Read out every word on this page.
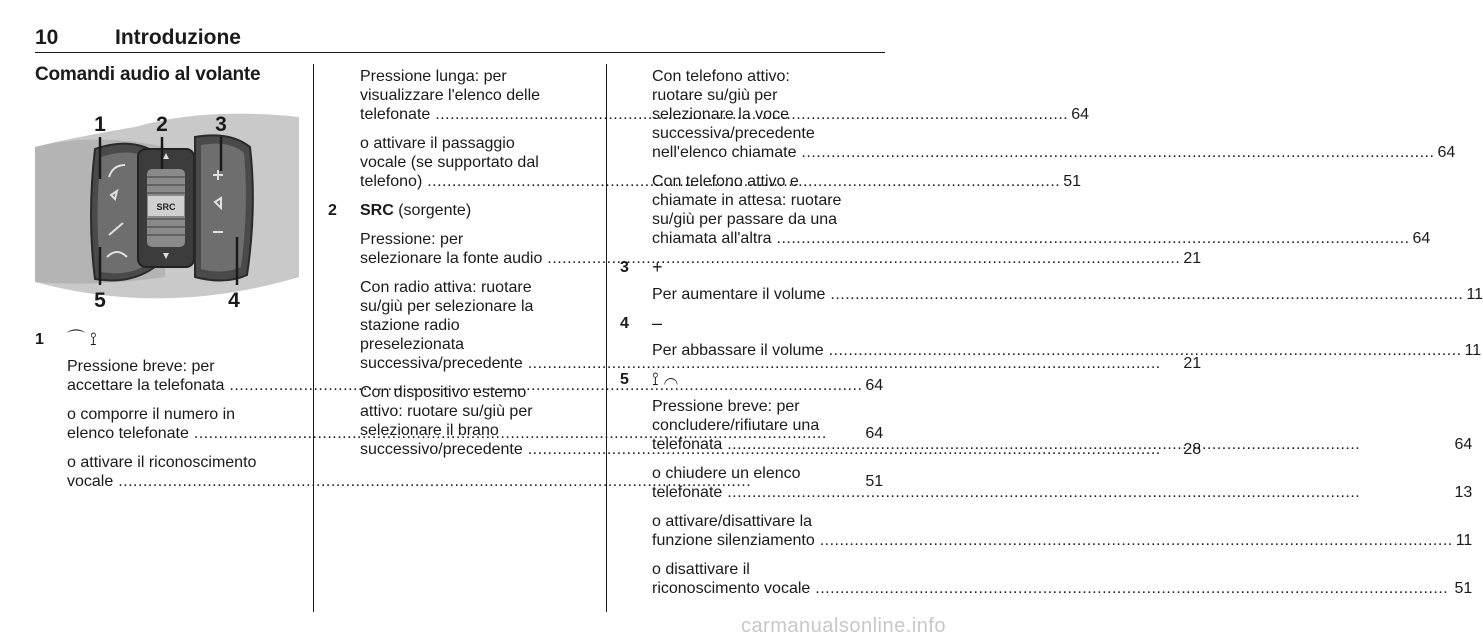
10	Introduzione
Comandi audio al volante
SRC
1 2 3
4
5
1	⌒ ⟟

Pressione breve: per

accettare la telefonata .....	64

o comporre il numero in

elenco telefonate .....	64

o attivare il riconoscimento

vocale .....	51

Pressione lunga: per

visualizzare l'elenco delle

telefonate .....	64

o attivare il passaggio

vocale (se supportato dal

telefono) .....	51
2	SRC (sorgente)

Pressione: per

selezionare la fonte audio .....	21

Con radio attiva: ruotare

su/giù per selezionare la

stazione radio

preselezionata

successiva/precedente .....	21

Con dispositivo esterno

attivo: ruotare su/giù per

selezionare il brano

successivo/precedente .....	28

Con telefono attivo:

ruotare su/giù per

selezionare la voce

successiva/precedente

nell'elenco chiamate .....	64

Con telefono attivo e

chiamate in attesa: ruotare

su/giù per passare da una

chiamata all'altra .....	64
3	+

Per aumentare il volume .....	11
4	–

Per abbassare il volume .....	11
5	⟟ ⌒

Pressione breve: per

concludere/rifiutare una

telefonata .....	64

o chiudere un elenco

telefonate .....	13

o attivare/disattivare la

funzione silenziamento .....	11

o disattivare il

riconoscimento vocale .....	51
carmanualsonline.info
